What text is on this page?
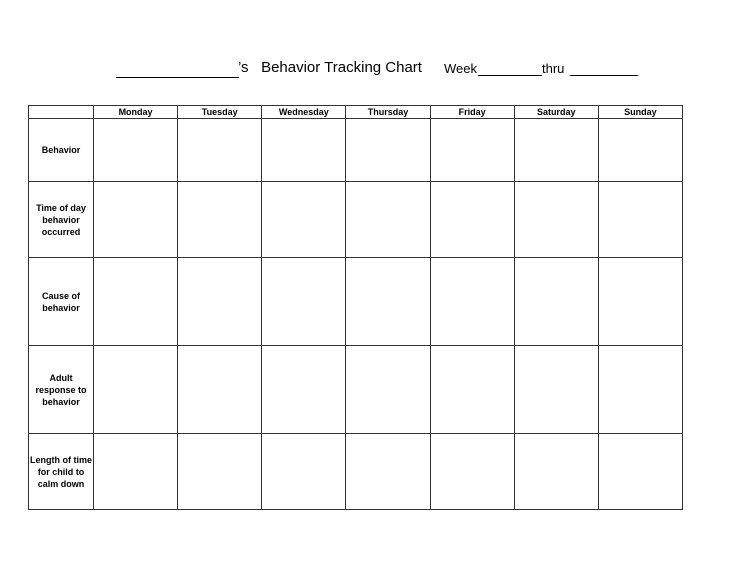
’s   Behavior Tracking Chart Week	thru
	Monday	Tuesday	Wednesday	Thursday	Friday	Saturday	Sunday
Behavior							
Time of day behavior occurred							
Cause of behavior							
Adult response to behavior							
Length of time for child to calm down							
